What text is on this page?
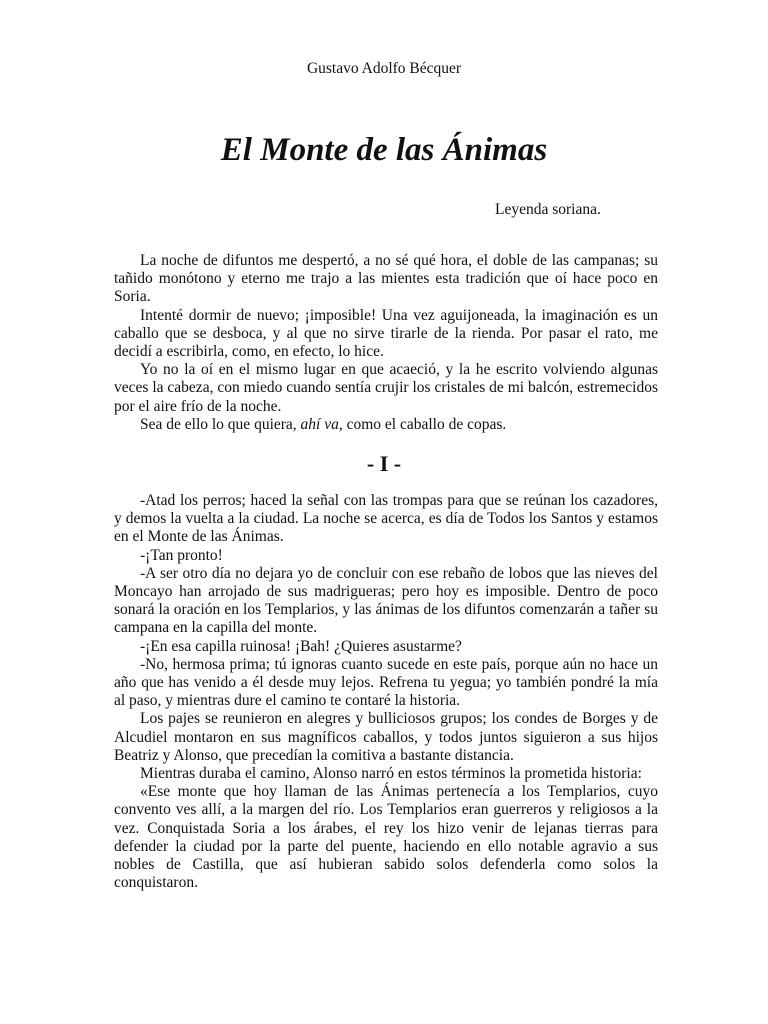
Gustavo Adolfo Bécquer
El Monte de las Ánimas
Leyenda soriana.

La noche de difuntos me despertó, a no sé qué hora, el doble de las campanas; su tañido monótono y eterno me trajo a las mientes esta tradición que oí hace poco en Soria.

Intenté dormir de nuevo; ¡imposible! Una vez aguijoneada, la imaginación es un caballo que se desboca, y al que no sirve tirarle de la rienda. Por pasar el rato, me decidí a escribirla, como, en efecto, lo hice.

Yo no la oí en el mismo lugar en que acaeció, y la he escrito volviendo algunas veces la cabeza, con miedo cuando sentía crujir los cristales de mi balcón, estremecidos por el aire frío de la noche.

Sea de ello lo que quiera, ahí va, como el caballo de copas.

- I -

-Atad los perros; haced la señal con las trompas para que se reúnan los cazadores, y demos la vuelta a la ciudad. La noche se acerca, es día de Todos los Santos y estamos en el Monte de las Ánimas.

-¡Tan pronto!

-A ser otro día no dejara yo de concluir con ese rebaño de lobos que las nieves del Moncayo han arrojado de sus madrigueras; pero hoy es imposible. Dentro de poco sonará la oración en los Templarios, y las ánimas de los difuntos comenzarán a tañer su campana en la capilla del monte.

-¡En esa capilla ruinosa! ¡Bah! ¿Quieres asustarme?

-No, hermosa prima; tú ignoras cuanto sucede en este país, porque aún no hace un año que has venido a él desde muy lejos. Refrena tu yegua; yo también pondré la mía al paso, y mientras dure el camino te contaré la historia.

Los pajes se reunieron en alegres y bulliciosos grupos; los condes de Borges y de Alcudiel montaron en sus magníficos caballos, y todos juntos siguieron a sus hijos Beatriz y Alonso, que precedían la comitiva a bastante distancia.

Mientras duraba el camino, Alonso narró en estos términos la prometida historia:

«Ese monte que hoy llaman de las Ánimas pertenecía a los Templarios, cuyo convento ves allí, a la margen del río. Los Templarios eran guerreros y religiosos a la vez. Conquistada Soria a los árabes, el rey los hizo venir de lejanas tierras para defender la ciudad por la parte del puente, haciendo en ello notable agravio a sus nobles de Castilla, que así hubieran sabido solos defenderla como solos la conquistaron.
